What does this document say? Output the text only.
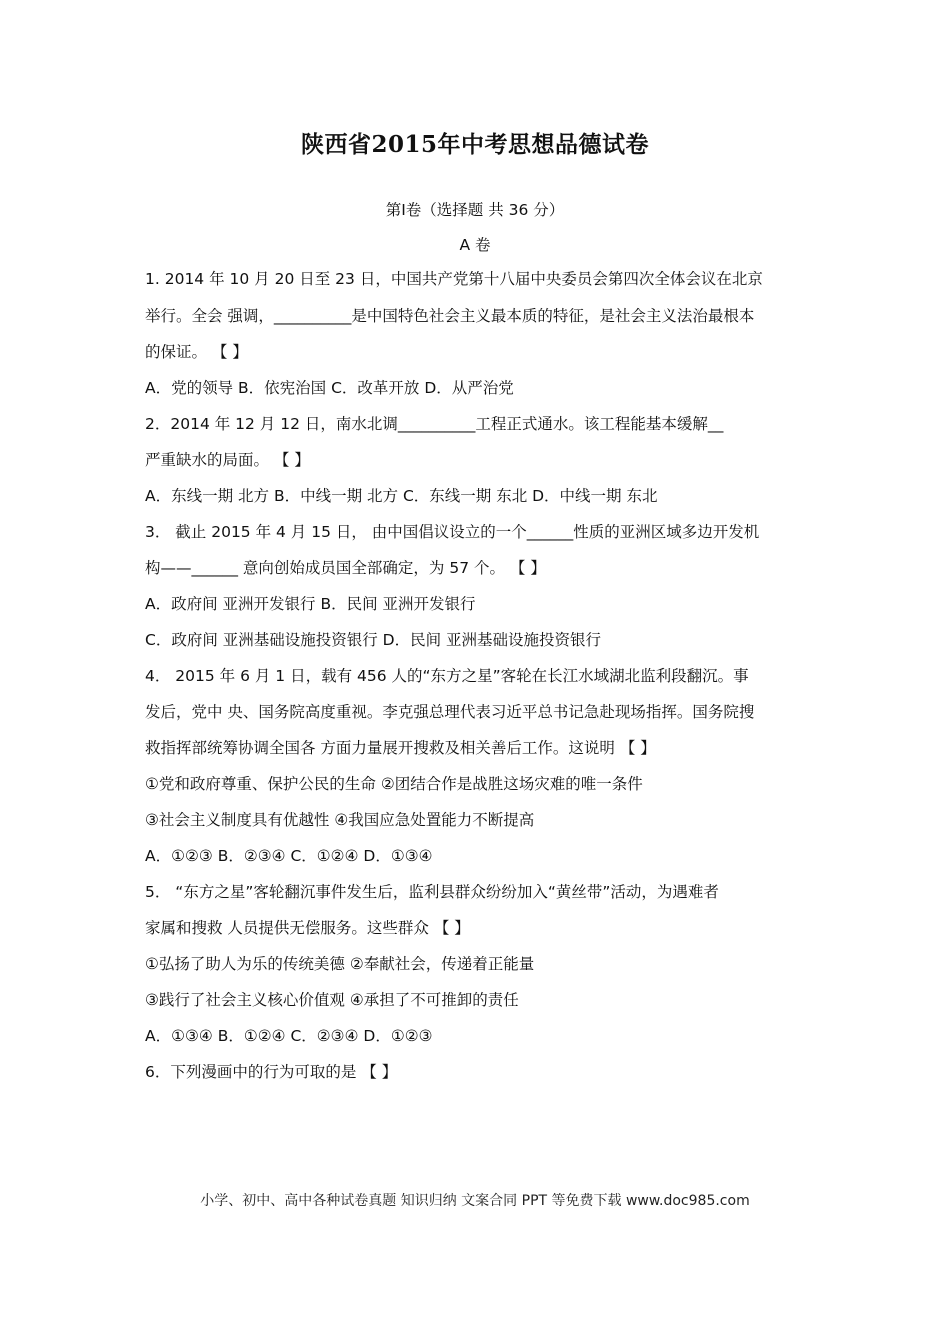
陕西省2015年中考思想品德试卷
第Ⅰ卷（选择题 共 36 分）
A 卷
1. 2014 年 10 月 20 日至 23 日，中国共产党第十八届中央委员会第四次全体会议在北京
举行。全会 强调，__________是中国特色社会主义最本质的特征，是社会主义法治最根本
的保证。 【 】
A．党的领导 B．依宪治国 C．改革开放 D．从严治党
2．2014 年 12 月 12 日，南水北调__________工程正式通水。该工程能基本缓解__
严重缺水的局面。 【 】
A．东线一期 北方 B．中线一期 北方 C．东线一期 东北 D．中线一期 东北
3． 截止 2015 年 4 月 15 日， 由中国倡议设立的一个______性质的亚洲区域多边开发机
构——______ 意向创始成员国全部确定，为 57 个。 【 】
A．政府间 亚洲开发银行 B．民间 亚洲开发银行
C．政府间 亚洲基础设施投资银行 D．民间 亚洲基础设施投资银行
4． 2015 年 6 月 1 日，载有 456 人的“东方之星”客轮在长江水域湖北监利段翻沉。事
发后，党中 央、国务院高度重视。李克强总理代表习近平总书记急赴现场指挥。国务院搜
救指挥部统筹协调全国各 方面力量展开搜救及相关善后工作。这说明 【 】
①党和政府尊重、保护公民的生命 ②团结合作是战胜这场灾难的唯一条件
③社会主义制度具有优越性 ④我国应急处置能力不断提高
A．①②③ B．②③④ C．①②④ D．①③④
5． “东方之星”客轮翻沉事件发生后，监利县群众纷纷加入“黄丝带”活动，为遇难者
家属和搜救 人员提供无偿服务。这些群众 【 】
①弘扬了助人为乐的传统美德 ②奉献社会，传递着正能量
③践行了社会主义核心价值观 ④承担了不可推卸的责任
A．①③④ B．①②④ C．②③④ D．①②③
6．下列漫画中的行为可取的是 【 】
小学、初中、高中各种试卷真题 知识归纳 文案合同 PPT 等免费下载 www.doc985.com
